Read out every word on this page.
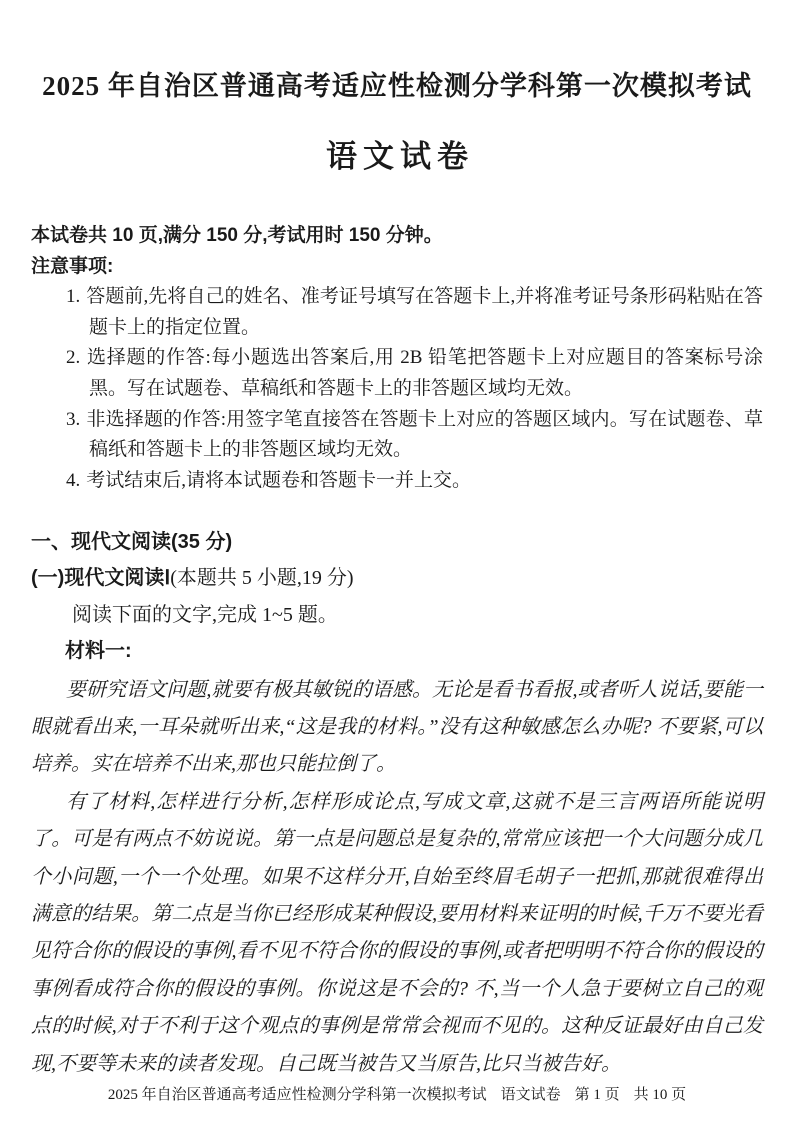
2025 年自治区普通高考适应性检测分学科第一次模拟考试
语文试卷

本试卷共 10 页,满分 150 分,考试用时 150 分钟。

注意事项:

1. 答题前,先将自己的姓名、准考证号填写在答题卡上,并将准考证号条形码粘贴在答题卡上的指定位置。
2. 选择题的作答:每小题选出答案后,用 2B 铅笔把答题卡上对应题目的答案标号涂黑。写在试题卷、草稿纸和答题卡上的非答题区域均无效。
3. 非选择题的作答:用签字笔直接答在答题卡上对应的答题区域内。写在试题卷、草稿纸和答题卡上的非答题区域均无效。
4. 考试结束后,请将本试题卷和答题卡一并上交。
一、现代文阅读(35 分)

(一)现代文阅读Ⅰ(本题共 5 小题,19 分)

阅读下面的文字,完成 1~5 题。

材料一:

要研究语文问题,就要有极其敏锐的语感。无论是看书看报,或者听人说话,要能一眼就看出来,一耳朵就听出来,“这是我的材料。”没有这种敏感怎么办呢? 不要紧,可以培养。实在培养不出来,那也只能拉倒了。

有了材料,怎样进行分析,怎样形成论点,写成文章,这就不是三言两语所能说明了。可是有两点不妨说说。第一点是问题总是复杂的,常常应该把一个大问题分成几个小问题,一个一个处理。如果不这样分开,自始至终眉毛胡子一把抓,那就很难得出满意的结果。第二点是当你已经形成某种假设,要用材料来证明的时候,千万不要光看见符合你的假设的事例,看不见不符合你的假设的事例,或者把明明不符合你的假设的事例看成符合你的假设的事例。你说这是不会的? 不,当一个人急于要树立自己的观点的时候,对于不利于这个观点的事例是常常会视而不见的。这种反证最好由自己发现,不要等未来的读者发现。自己既当被告又当原告,比只当被告好。

2025 年自治区普通高考适应性检测分学科第一次模拟考试 语文试卷 第 1 页 共 10 页
